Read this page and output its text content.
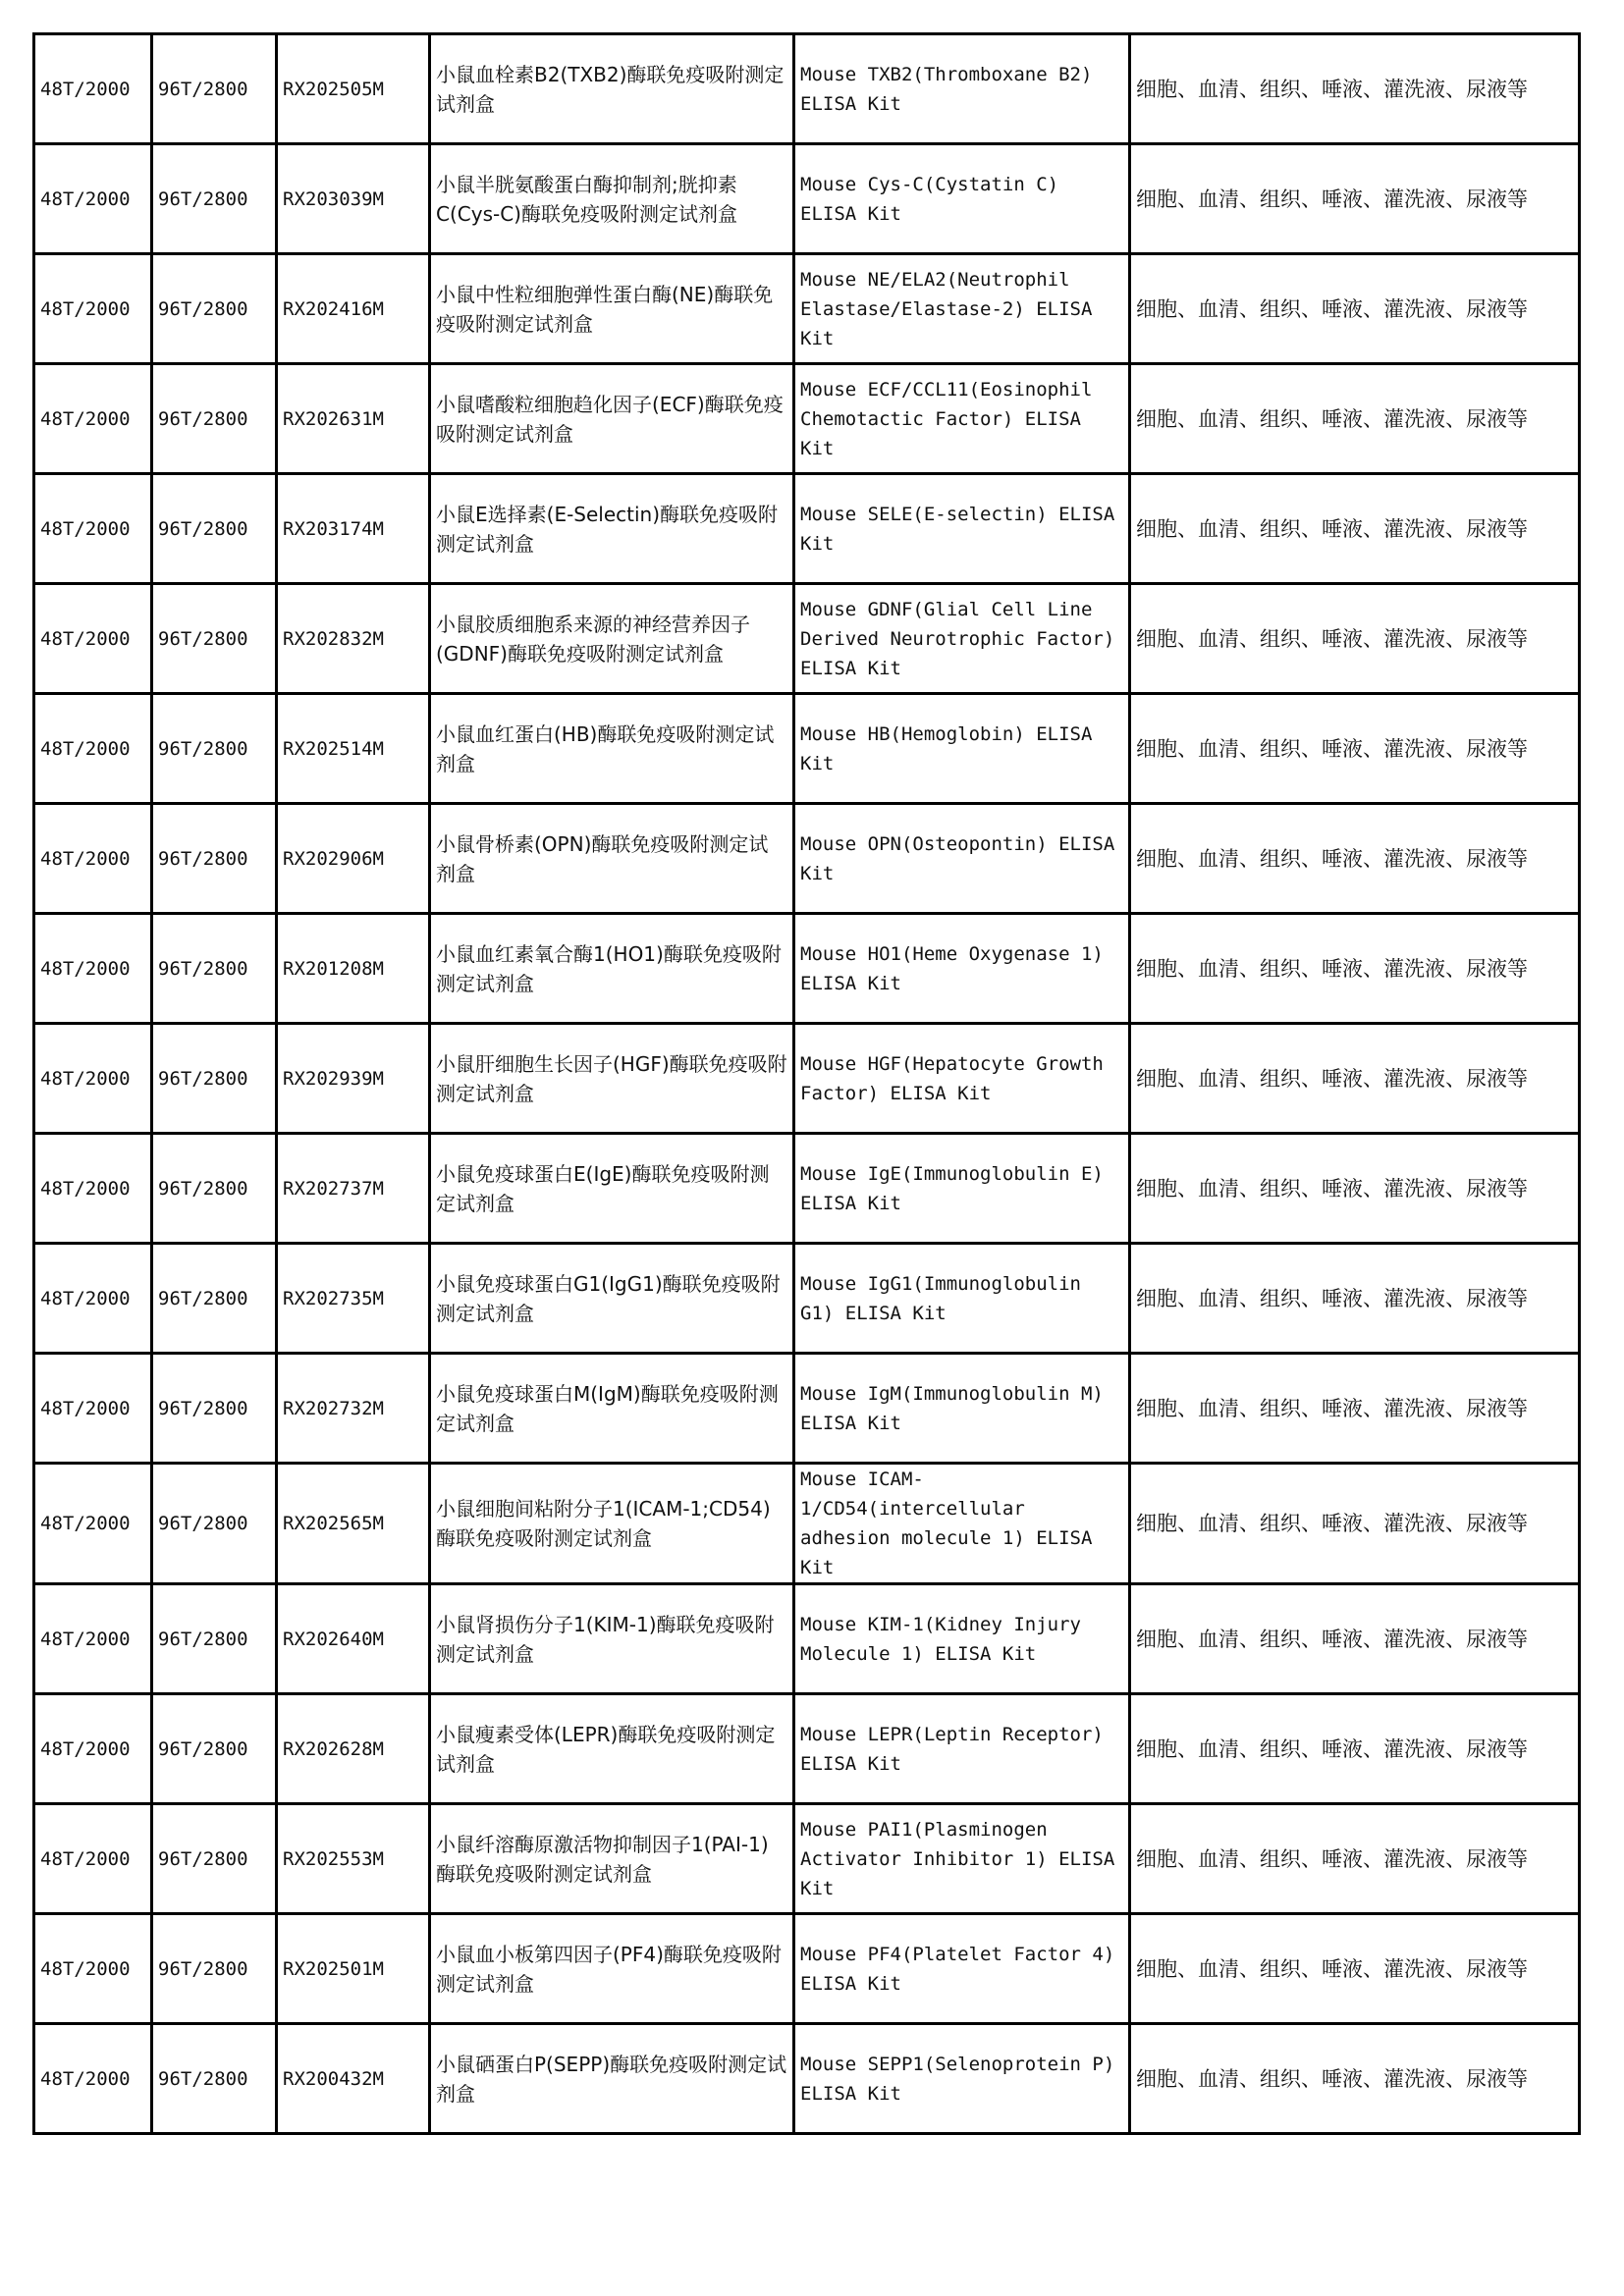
48T/2000	96T/2800	RX202505M	小鼠血栓素B2(TXB2)酶联免疫吸附测定试剂盒	Mouse TXB2(Thromboxane B2) ELISA Kit	细胞、血清、组织、唾液、灌洗液、尿液等
48T/2000	96T/2800	RX203039M	小鼠半胱氨酸蛋白酶抑制剂;胱抑素C(Cys-C)酶联免疫吸附测定试剂盒	Mouse Cys-C(Cystatin C) ELISA Kit	细胞、血清、组织、唾液、灌洗液、尿液等
48T/2000	96T/2800	RX202416M	小鼠中性粒细胞弹性蛋白酶(NE)酶联免疫吸附测定试剂盒	Mouse NE/ELA2(Neutrophil Elastase/Elastase-2) ELISA Kit	细胞、血清、组织、唾液、灌洗液、尿液等
48T/2000	96T/2800	RX202631M	小鼠嗜酸粒细胞趋化因子(ECF)酶联免疫吸附测定试剂盒	Mouse ECF/CCL11(Eosinophil Chemotactic Factor) ELISA Kit	细胞、血清、组织、唾液、灌洗液、尿液等
48T/2000	96T/2800	RX203174M	小鼠E选择素(E-Selectin)酶联免疫吸附测定试剂盒	Mouse SELE(E-selectin) ELISA Kit	细胞、血清、组织、唾液、灌洗液、尿液等
48T/2000	96T/2800	RX202832M	小鼠胶质细胞系来源的神经营养因子(GDNF)酶联免疫吸附测定试剂盒	Mouse GDNF(Glial Cell Line Derived Neurotrophic Factor) ELISA Kit	细胞、血清、组织、唾液、灌洗液、尿液等
48T/2000	96T/2800	RX202514M	小鼠血红蛋白(HB)酶联免疫吸附测定试剂盒	Mouse HB(Hemoglobin) ELISA Kit	细胞、血清、组织、唾液、灌洗液、尿液等
48T/2000	96T/2800	RX202906M	小鼠骨桥素(OPN)酶联免疫吸附测定试剂盒	Mouse OPN(Osteopontin) ELISA Kit	细胞、血清、组织、唾液、灌洗液、尿液等
48T/2000	96T/2800	RX201208M	小鼠血红素氧合酶1(HO1)酶联免疫吸附测定试剂盒	Mouse HO1(Heme Oxygenase 1) ELISA Kit	细胞、血清、组织、唾液、灌洗液、尿液等
48T/2000	96T/2800	RX202939M	小鼠肝细胞生长因子(HGF)酶联免疫吸附测定试剂盒	Mouse HGF(Hepatocyte Growth Factor) ELISA Kit	细胞、血清、组织、唾液、灌洗液、尿液等
48T/2000	96T/2800	RX202737M	小鼠免疫球蛋白E(IgE)酶联免疫吸附测定试剂盒	Mouse IgE(Immunoglobulin E) ELISA Kit	细胞、血清、组织、唾液、灌洗液、尿液等
48T/2000	96T/2800	RX202735M	小鼠免疫球蛋白G1(IgG1)酶联免疫吸附测定试剂盒	Mouse IgG1(Immunoglobulin G1) ELISA Kit	细胞、血清、组织、唾液、灌洗液、尿液等
48T/2000	96T/2800	RX202732M	小鼠免疫球蛋白M(IgM)酶联免疫吸附测定试剂盒	Mouse IgM(Immunoglobulin M) ELISA Kit	细胞、血清、组织、唾液、灌洗液、尿液等
48T/2000	96T/2800	RX202565M	小鼠细胞间粘附分子1(ICAM-1;CD54)酶联免疫吸附测定试剂盒	Mouse ICAM-1/CD54(intercellular adhesion molecule 1) ELISA Kit	细胞、血清、组织、唾液、灌洗液、尿液等
48T/2000	96T/2800	RX202640M	小鼠肾损伤分子1(KIM-1)酶联免疫吸附测定试剂盒	Mouse KIM-1(Kidney Injury Molecule 1) ELISA Kit	细胞、血清、组织、唾液、灌洗液、尿液等
48T/2000	96T/2800	RX202628M	小鼠瘦素受体(LEPR)酶联免疫吸附测定试剂盒	Mouse LEPR(Leptin Receptor) ELISA Kit	细胞、血清、组织、唾液、灌洗液、尿液等
48T/2000	96T/2800	RX202553M	小鼠纤溶酶原激活物抑制因子1(PAI-1)酶联免疫吸附测定试剂盒	Mouse PAI1(Plasminogen Activator Inhibitor 1) ELISA Kit	细胞、血清、组织、唾液、灌洗液、尿液等
48T/2000	96T/2800	RX202501M	小鼠血小板第四因子(PF4)酶联免疫吸附测定试剂盒	Mouse PF4(Platelet Factor 4) ELISA Kit	细胞、血清、组织、唾液、灌洗液、尿液等
48T/2000	96T/2800	RX200432M	小鼠硒蛋白P(SEPP)酶联免疫吸附测定试剂盒	Mouse SEPP1(Selenoprotein P) ELISA Kit	细胞、血清、组织、唾液、灌洗液、尿液等
